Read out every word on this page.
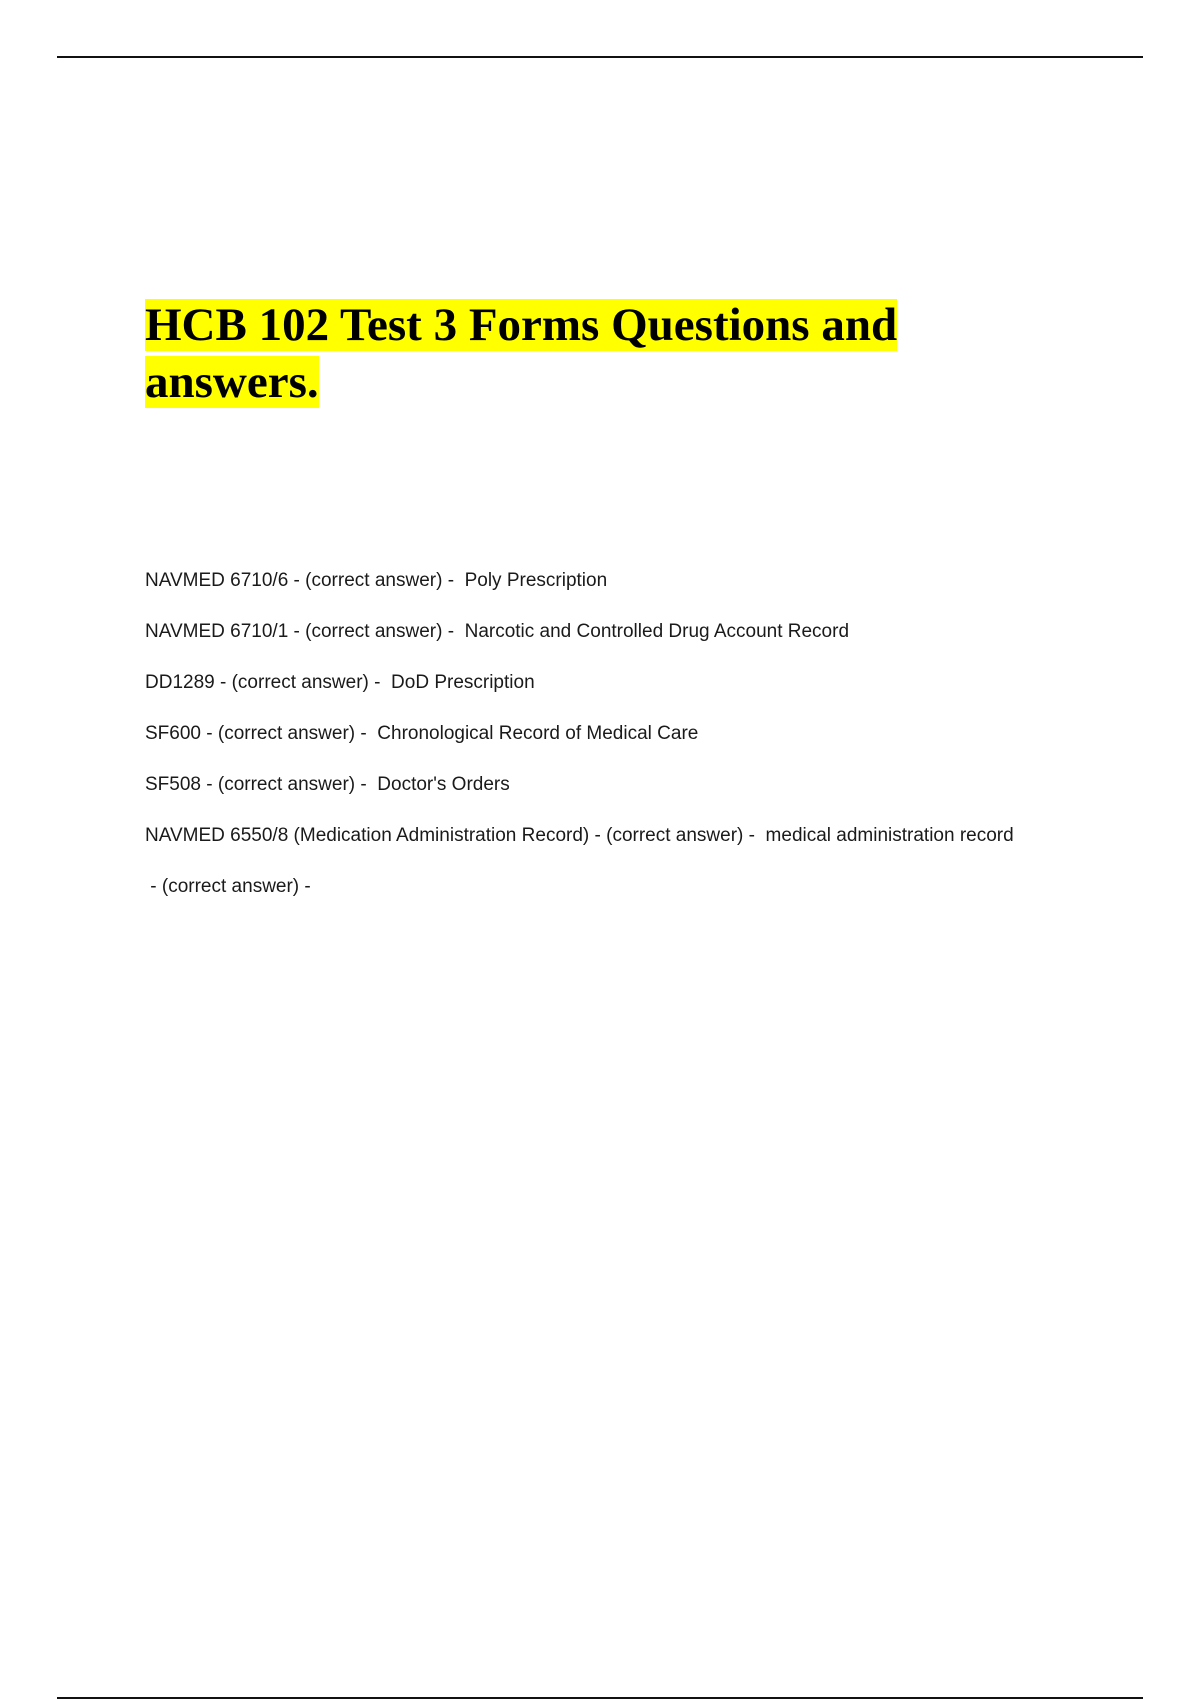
HCB 102 Test 3 Forms Questions and answers.
NAVMED 6710/6 - (correct answer) -  Poly Prescription
NAVMED 6710/1 - (correct answer) -  Narcotic and Controlled Drug Account Record
DD1289 - (correct answer) -  DoD Prescription
SF600 - (correct answer) -  Chronological Record of Medical Care
SF508 - (correct answer) -  Doctor's Orders
NAVMED 6550/8 (Medication Administration Record) - (correct answer) -  medical administration record
- (correct answer) -
